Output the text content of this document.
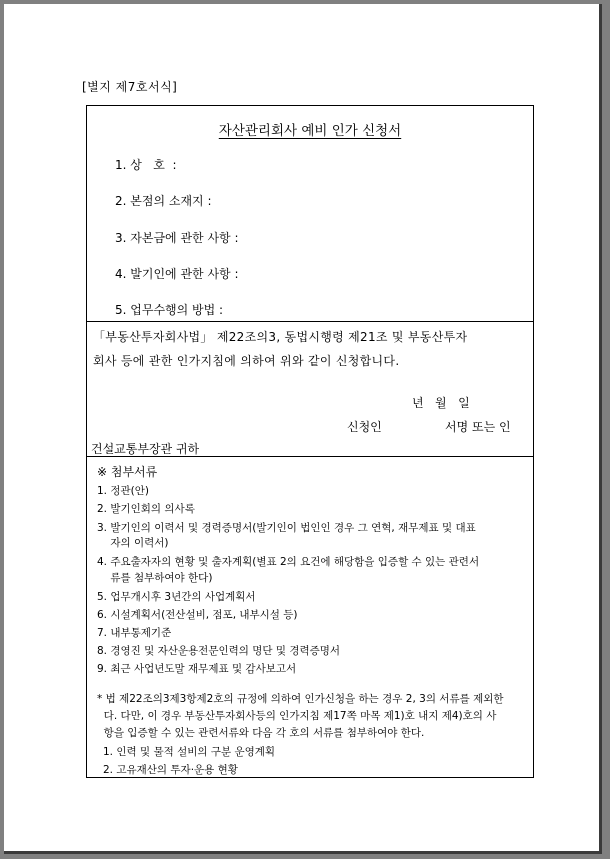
[별지 제7호서식]
자산관리회사 예비 인가 신청서
1. 상   호  :
2. 본점의 소재지 :
3. 자본금에 관한 사항 :
4. 발기인에 관한 사항 :
5. 업무수행의 방법 :
「부동산투자회사법」 제22조의3, 동법시행령 제21조 및 부동산투자
회사 등에 관한 인가지침에 의하여 위와 같이 신청합니다.
년   월   일
신청인	서명 또는 인
건설교통부장관 귀하
※ 첨부서류
1. 정관(안)
2. 발기인회의 의사록
3. 발기인의 이력서 및 경력증명서(발기인이 법인인 경우 그 연혁, 재무제표 및 대표
자의 이력서)
4. 주요출자자의 현황 및 출자계획(별표 2의 요건에 해당함을 입증할 수 있는 관련서
류를 첨부하여야 한다)
5. 업무개시후 3년간의 사업계획서
6. 시설계획서(전산설비, 점포, 내부시설 등)
7. 내부통제기준
8. 경영진 및 자산운용전문인력의 명단 및 경력증명서
9. 최근 사업년도말 재무제표 및 감사보고서
* 법 제22조의3제3항제2호의 규정에 의하여 인가신청을 하는 경우 2, 3의 서류를 제외한
다. 다만, 이 경우 부동산투자회사등의 인가지침 제17쪽 마목 제1)호 내지 제4)호의 사
항을 입증할 수 있는 관련서류와 다음 각 호의 서류를 첨부하여야 한다.
1. 인력 및 물적 설비의 구분 운영계획
2. 고유재산의 투자·운용 현황
